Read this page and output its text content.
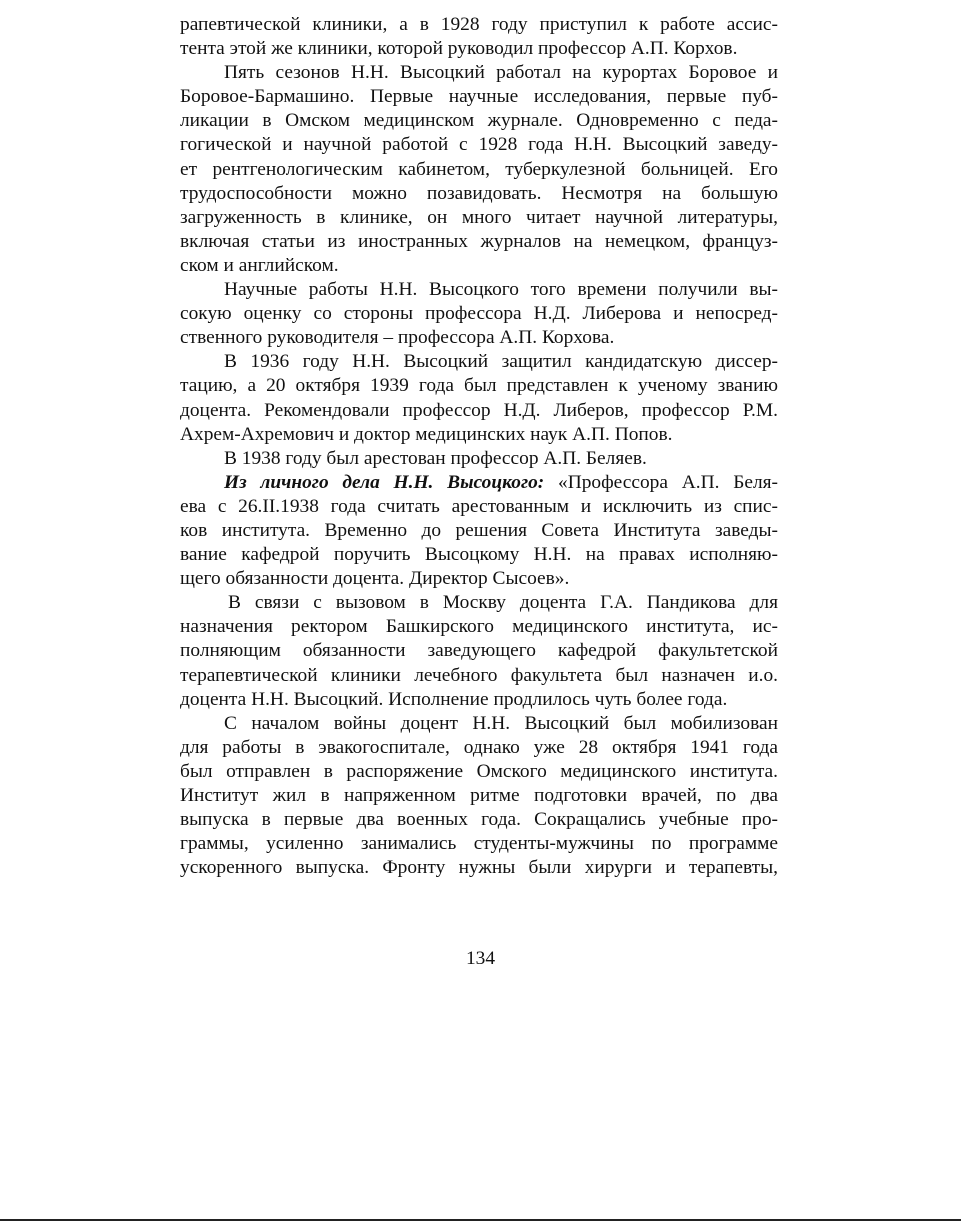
рапевтической клиники, а в 1928 году приступил к работе ассис-
тента этой же клиники, которой руководил профессор А.П. Корхов.
Пять сезонов Н.Н. Высоцкий работал на курортах Боровое и
Боровое-Бармашино. Первые научные исследования, первые пуб-
ликации в Омском медицинском журнале. Одновременно с педа-
гогической и научной работой с 1928 года Н.Н. Высоцкий заведу-
ет рентгенологическим кабинетом, туберкулезной больницей. Его
трудоспособности можно позавидовать. Несмотря на большую
загруженность в клинике, он много читает научной литературы,
включая статьи из иностранных журналов на немецком, француз-
ском и английском.
Научные работы Н.Н. Высоцкого того времени получили вы-
сокую оценку со стороны профессора Н.Д. Либерова и непосред-
ственного руководителя – профессора А.П. Корхова.
В 1936 году Н.Н. Высоцкий защитил кандидатскую диссер-
тацию, а 20 октября 1939 года был представлен к ученому званию
доцента. Рекомендовали профессор Н.Д. Либеров, профессор Р.М.
Ахрем-Ахремович и доктор медицинских наук А.П. Попов.
В 1938 году был арестован профессор А.П. Беляев.
Из личного дела Н.Н. Высоцкого: «Профессора А.П. Беля-
ева с 26.II.1938 года считать арестованным и исключить из спис-
ков института. Временно до решения Совета Института заведы-
вание кафедрой поручить Высоцкому Н.Н. на правах исполняю-
щего обязанности доцента. Директор Сысоев».
В связи с вызовом в Москву доцента Г.А. Пандикова для
назначения ректором Башкирского медицинского института, ис-
полняющим обязанности заведующего кафедрой факультетской
терапевтической клиники лечебного факультета был назначен и.о.
доцента Н.Н. Высоцкий. Исполнение продлилось чуть более года.
С началом войны доцент Н.Н. Высоцкий был мобилизован
для работы в эвакогоспитале, однако уже 28 октября 1941 года
был отправлен в распоряжение Омского медицинского института.
Институт жил в напряженном ритме подготовки врачей, по два
выпуска в первые два военных года. Сокращались учебные про-
граммы, усиленно занимались студенты-мужчины по программе
ускоренного выпуска. Фронту нужны были хирурги и терапевты,
134
